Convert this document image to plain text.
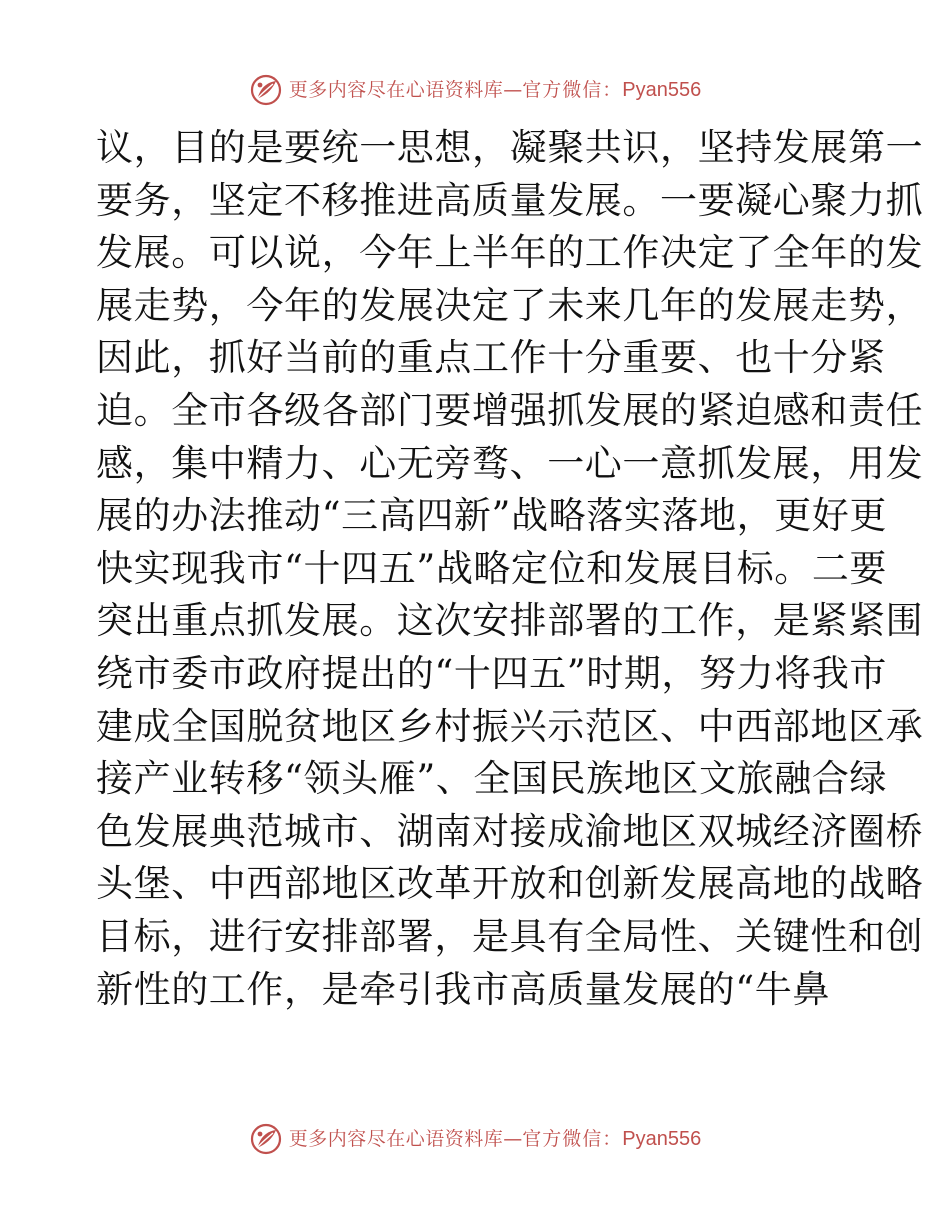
更多内容尽在心语资料库—官方微信：Pyan556
议，目的是要统一思想，凝聚共识，坚持发展第一
要务，坚定不移推进高质量发展。一要凝心聚力抓
发展。可以说，今年上半年的工作决定了全年的发
展走势，今年的发展决定了未来几年的发展走势，
因此，抓好当前的重点工作十分重要、也十分紧
迫。全市各级各部门要增强抓发展的紧迫感和责任
感，集中精力、心无旁骛、一心一意抓发展，用发
展的办法推动“三高四新”战略落实落地，更好更
快实现我市“十四五”战略定位和发展目标。二要
突出重点抓发展。这次安排部署的工作，是紧紧围
绕市委市政府提出的“十四五”时期，努力将我市
建成全国脱贫地区乡村振兴示范区、中西部地区承
接产业转移“领头雁”、全国民族地区文旅融合绿
色发展典范城市、湖南对接成渝地区双城经济圈桥
头堡、中西部地区改革开放和创新发展高地的战略
目标，进行安排部署，是具有全局性、关键性和创
新性的工作，是牵引我市高质量发展的“牛鼻
更多内容尽在心语资料库—官方微信：Pyan556
